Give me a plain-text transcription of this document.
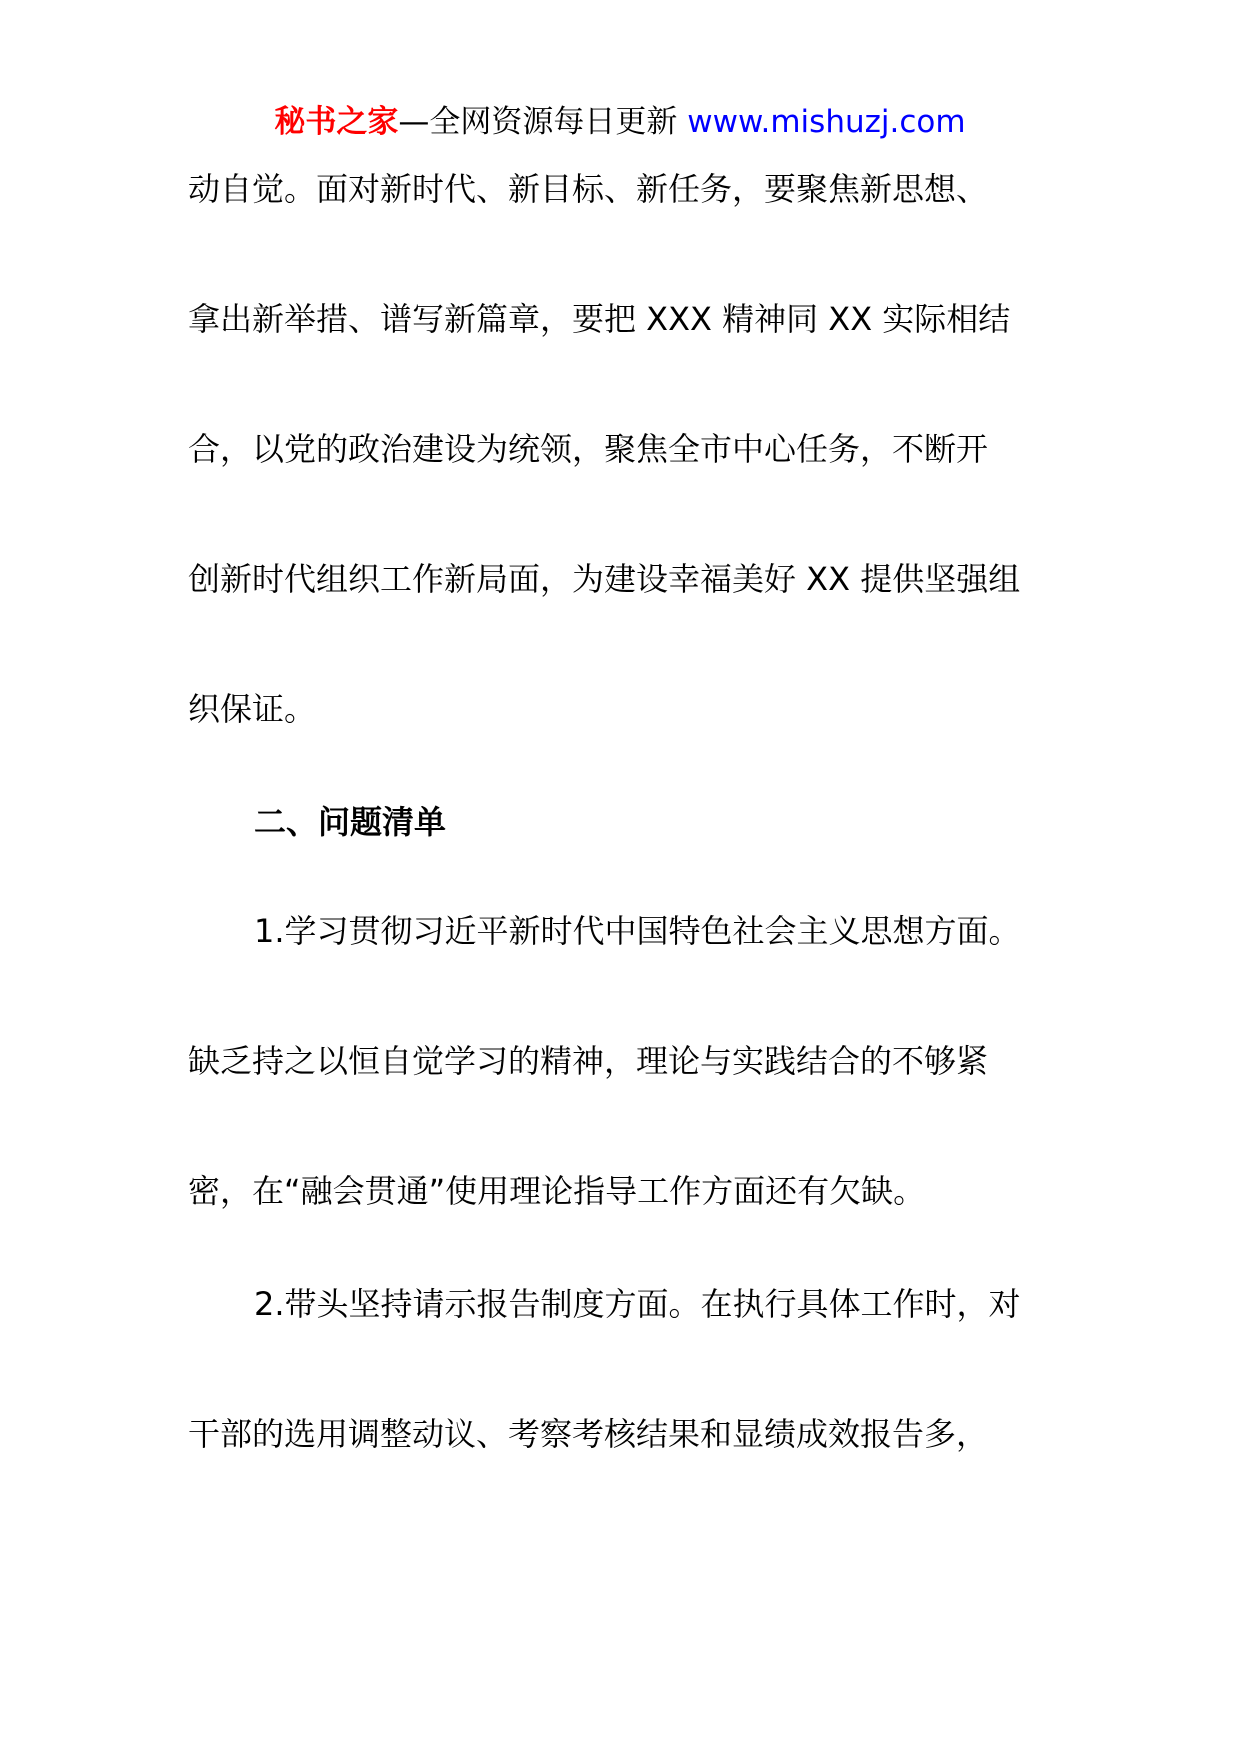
秘书之家—全网资源每日更新 www.mishuzj.com
动自觉。面对新时代、新目标、新任务，要聚焦新思想、
拿出新举措、谱写新篇章，要把 XXX 精神同 XX 实际相结
合，以党的政治建设为统领，聚焦全市中心任务，不断开
创新时代组织工作新局面，为建设幸福美好 XX 提供坚强组
织保证。
二、问题清单
1.学习贯彻习近平新时代中国特色社会主义思想方面。
缺乏持之以恒自觉学习的精神，理论与实践结合的不够紧
密，在“融会贯通”使用理论指导工作方面还有欠缺。
2.带头坚持请示报告制度方面。在执行具体工作时，对
干部的选用调整动议、考察考核结果和显绩成效报告多，
